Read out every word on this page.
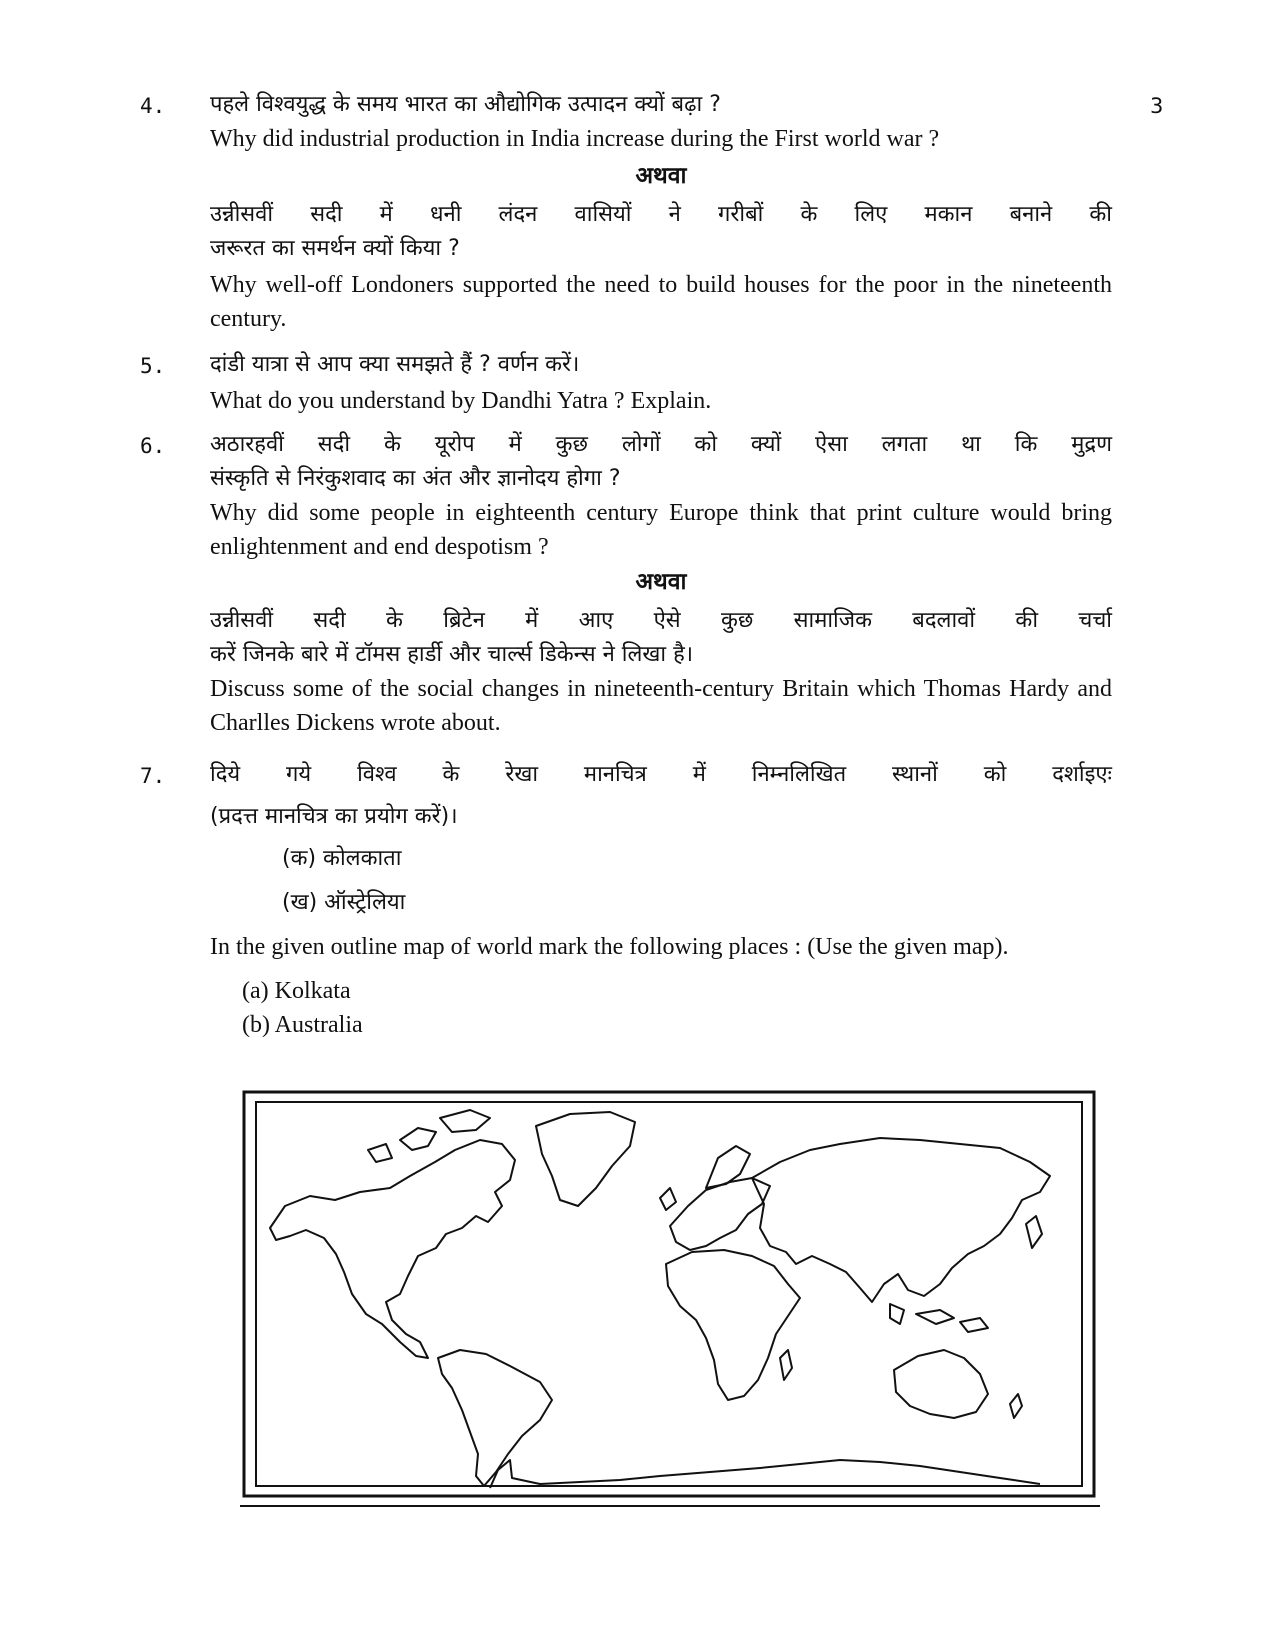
4.	3

पहले विश्वयुद्ध के समय भारत का औद्योगिक उत्पादन क्यों बढ़ा ?

Why did industrial production in India increase during the First world war ?

अथवा

उन्नीसवीं सदी में धनी लंदन वासियों ने गरीबों के लिए मकान बनाने की

जरूरत का समर्थन क्यों किया ?

Why well-off Londoners supported the need to build houses for the poor in the nineteenth century.

5. दांडी यात्रा से आप क्या समझते हैं ? वर्णन करें।

What do you understand by Dandhi Yatra ? Explain.

6. अठारहवीं सदी के यूरोप में कुछ लोगों को क्यों ऐसा लगता था कि मुद्रण

संस्कृति से निरंकुशवाद का अंत और ज्ञानोदय होगा ?

Why did some people in eighteenth century Europe think that print culture would bring enlightenment and end despotism ?

अथवा

उन्नीसवीं सदी के ब्रिटेन में आए ऐसे कुछ सामाजिक बदलावों की चर्चा

करें जिनके बारे में टॉमस हार्डी और चार्ल्स डिकेन्स ने लिखा है।

Discuss some of the social changes in nineteenth-century Britain which Thomas Hardy and Charlles Dickens wrote about.

7. दिये गये विश्व के रेखा मानचित्र में निम्नलिखित स्थानों को दर्शाइएः

(प्रदत्त मानचित्र का प्रयोग करें)।

(क) कोलकाता

(ख) ऑस्ट्रेलिया

In the given outline map of world mark the following places : (Use the given map).

(a) Kolkata

(b) Australia
